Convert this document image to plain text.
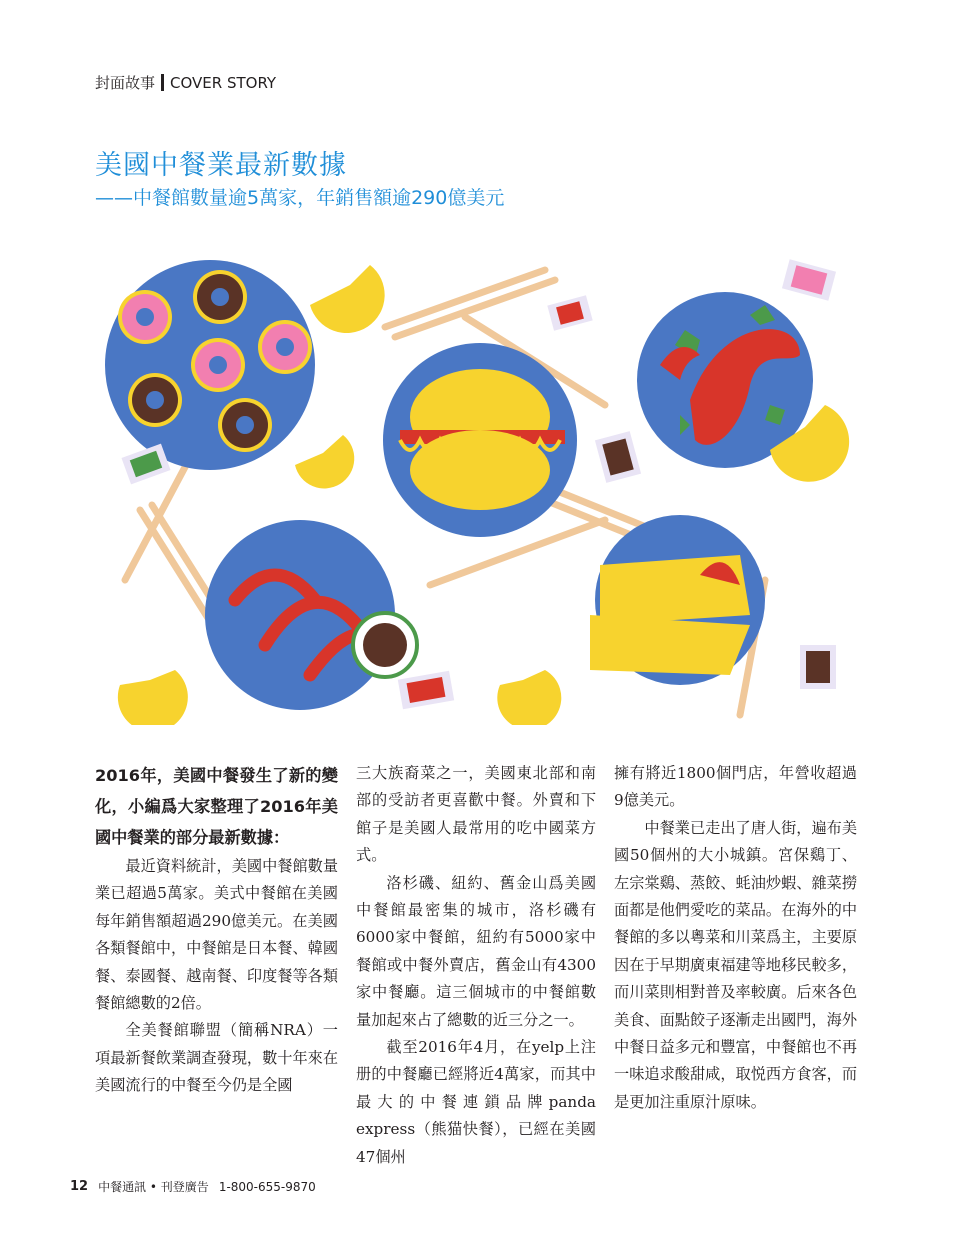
封面故事 COVER STORY
美國中餐業最新數據
——中餐館數量逾5萬家，年銷售額逾290億美元

2016年，美國中餐發生了新的變化，小編爲大家整理了2016年美國中餐業的部分最新數據：

最近資料統計，美國中餐館數量業已超過5萬家。美式中餐館在美國每年銷售額超過290億美元。在美國各類餐館中，中餐館是日本餐、韓國餐、泰國餐、越南餐、印度餐等各類餐館總數的2倍。

全美餐館聯盟（簡稱NRA）一項最新餐飲業調查發現，數十年來在美國流行的中餐至今仍是全國

三大族裔菜之一，美國東北部和南部的受訪者更喜歡中餐。外賣和下館子是美國人最常用的吃中國菜方式。

洛杉磯、紐約、舊金山爲美國中餐館最密集的城市，洛杉磯有6000家中餐館，紐約有5000家中餐館或中餐外賣店，舊金山有4300家中餐廳。這三個城市的中餐館數量加起來占了總數的近三分之一。

截至2016年4月，在yelp上注册的中餐廳已經將近4萬家，而其中最大的中餐連鎖品牌panda express（熊猫快餐），已經在美國47個州

擁有將近1800個門店，年營收超過9億美元。

中餐業已走出了唐人街，遍布美國50個州的大小城鎮。宮保鷄丁、左宗棠鷄、蒸餃、蚝油炒蝦、雜菜撈面都是他們愛吃的菜品。在海外的中餐館的多以粵菜和川菜爲主，主要原因在于早期廣東福建等地移民較多，而川菜則相對普及率較廣。后來各色美食、面點餃子逐漸走出國門，海外中餐日益多元和豐富，中餐館也不再一味追求酸甜咸，取悦西方食客，而是更加注重原汁原味。

12 中餐通訊 • 刊登廣告 1-800-655-9870
